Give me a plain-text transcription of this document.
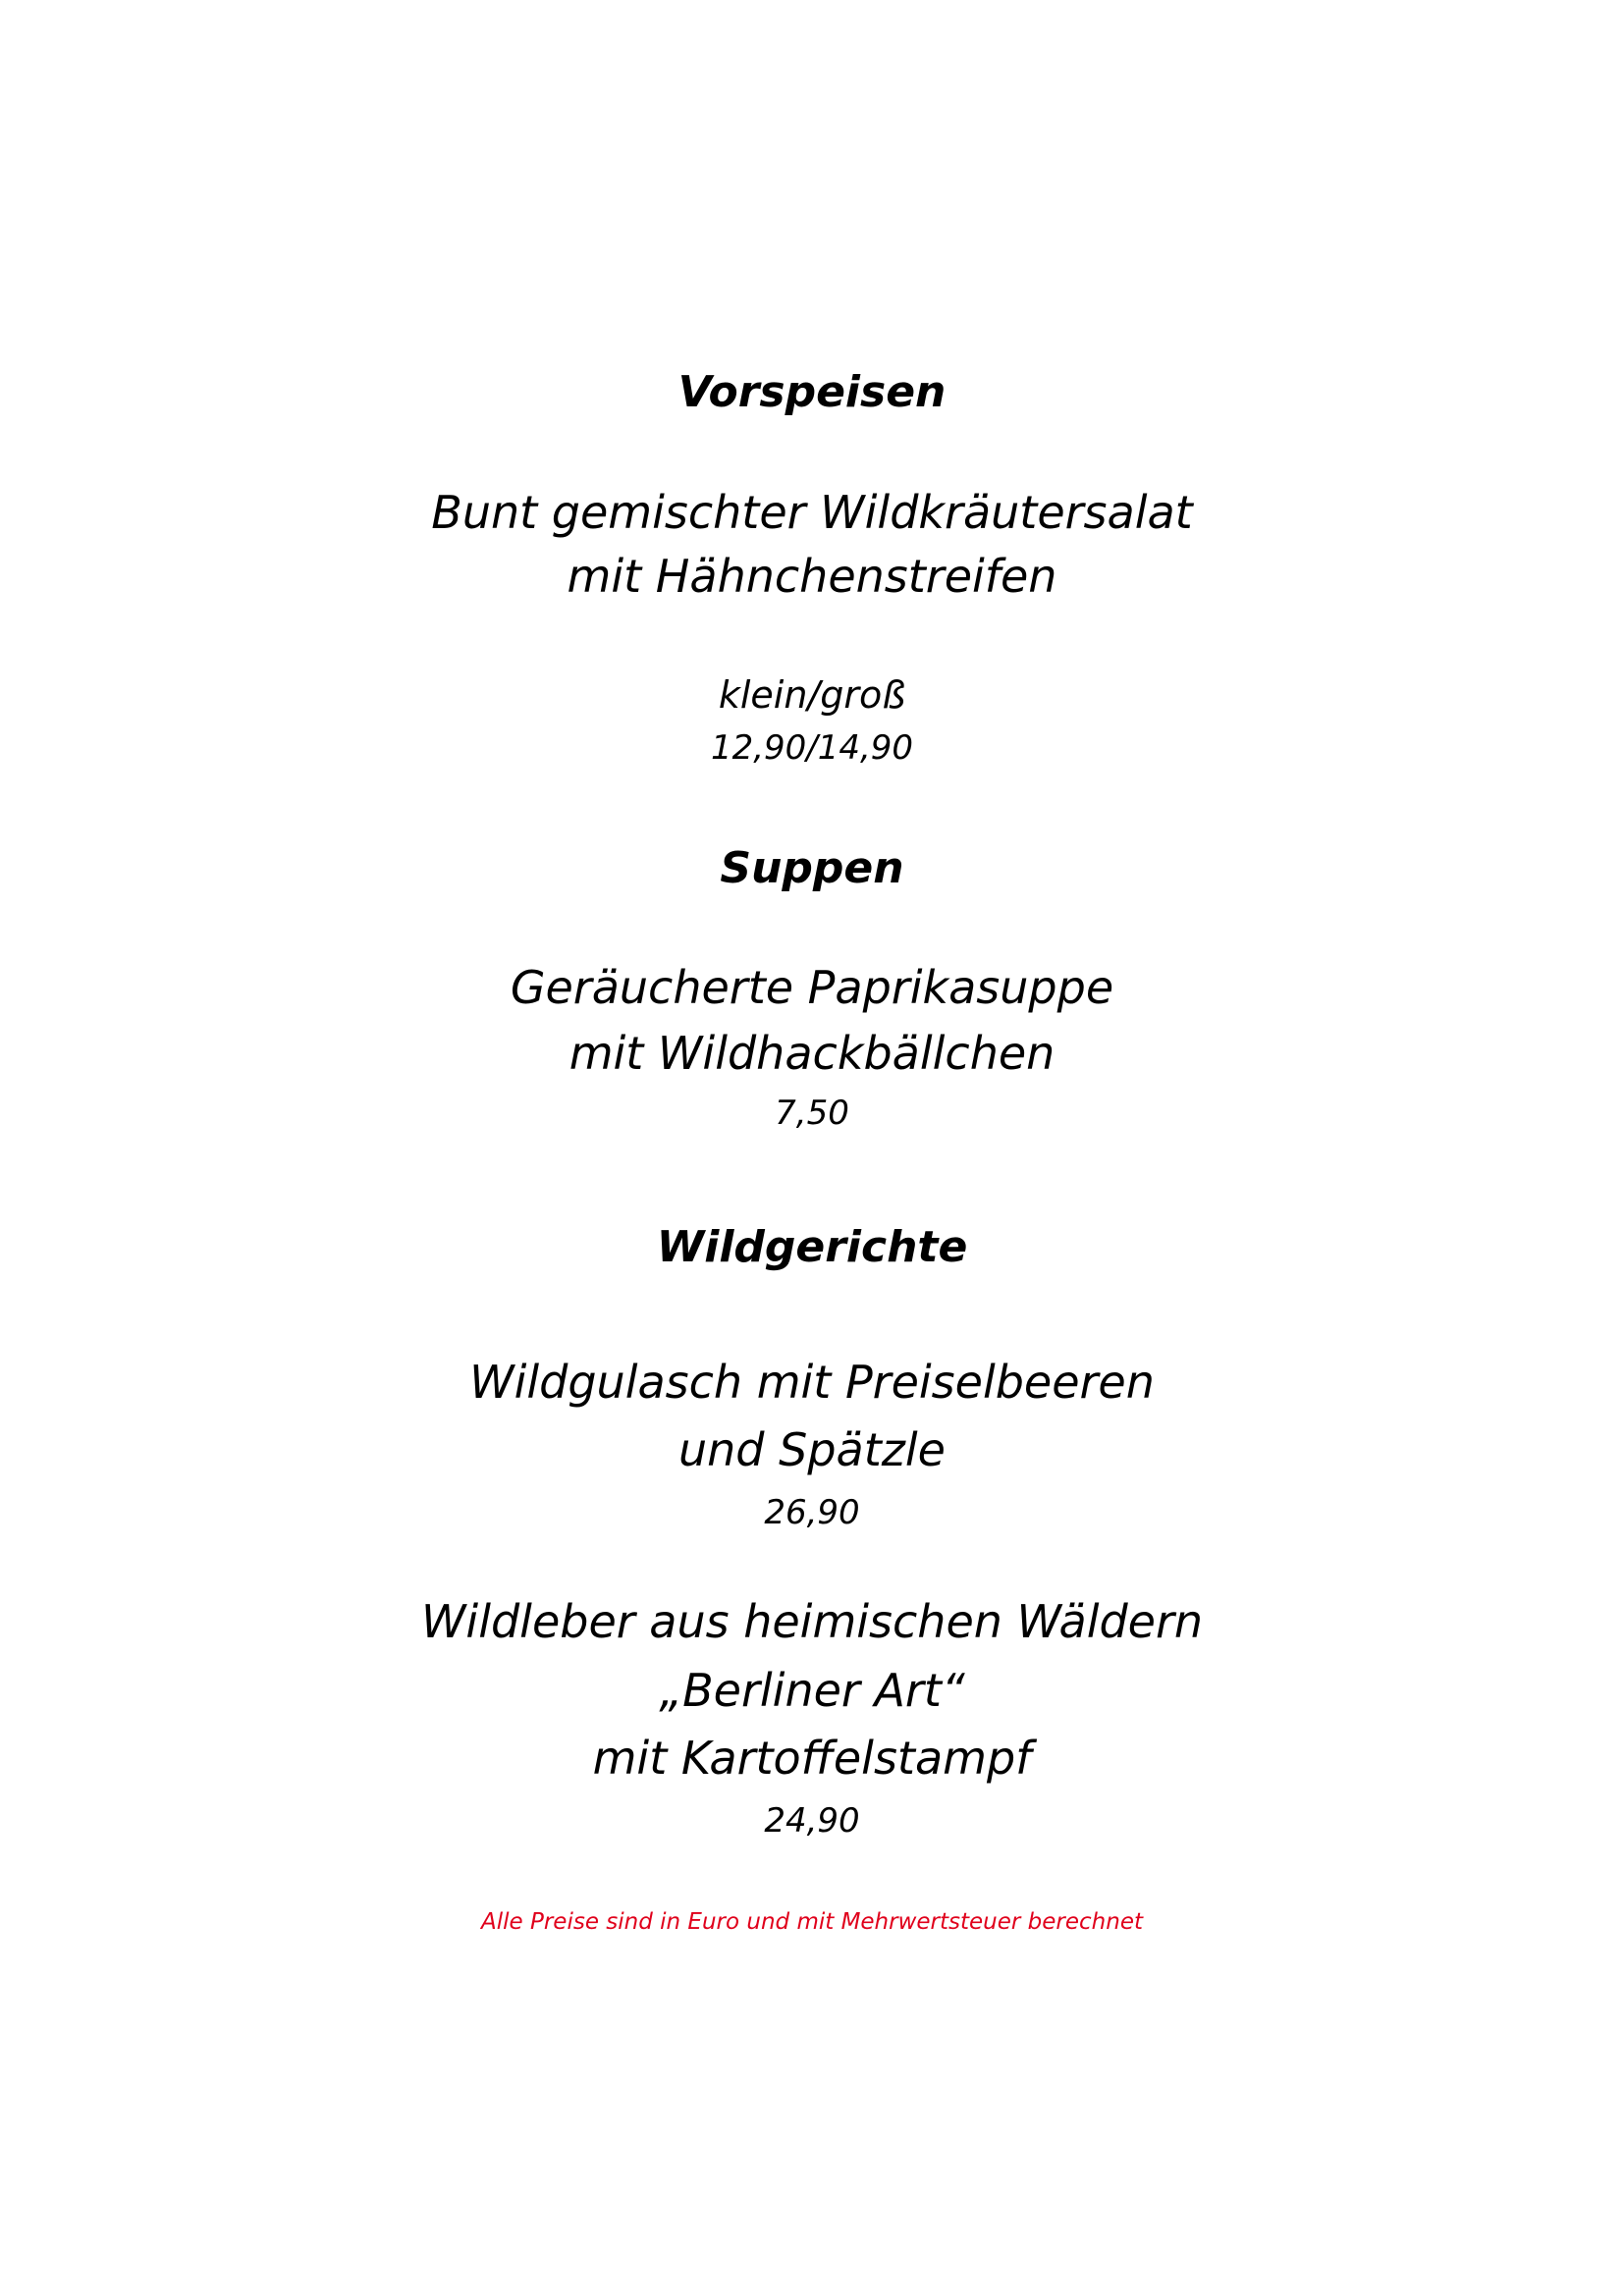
Vorspeisen
Bunt gemischter Wildkräutersalat
mit Hähnchenstreifen
klein/groß
12,90/14,90
Suppen
Geräucherte Paprikasuppe
mit Wildhackbällchen
7,50
Wildgerichte
Wildgulasch mit Preiselbeeren
und Spätzle
26,90
Wildleber aus heimischen Wäldern
„Berliner Art“
mit Kartoffelstampf
24,90
Alle Preise sind in Euro und mit Mehrwertsteuer berechnet
